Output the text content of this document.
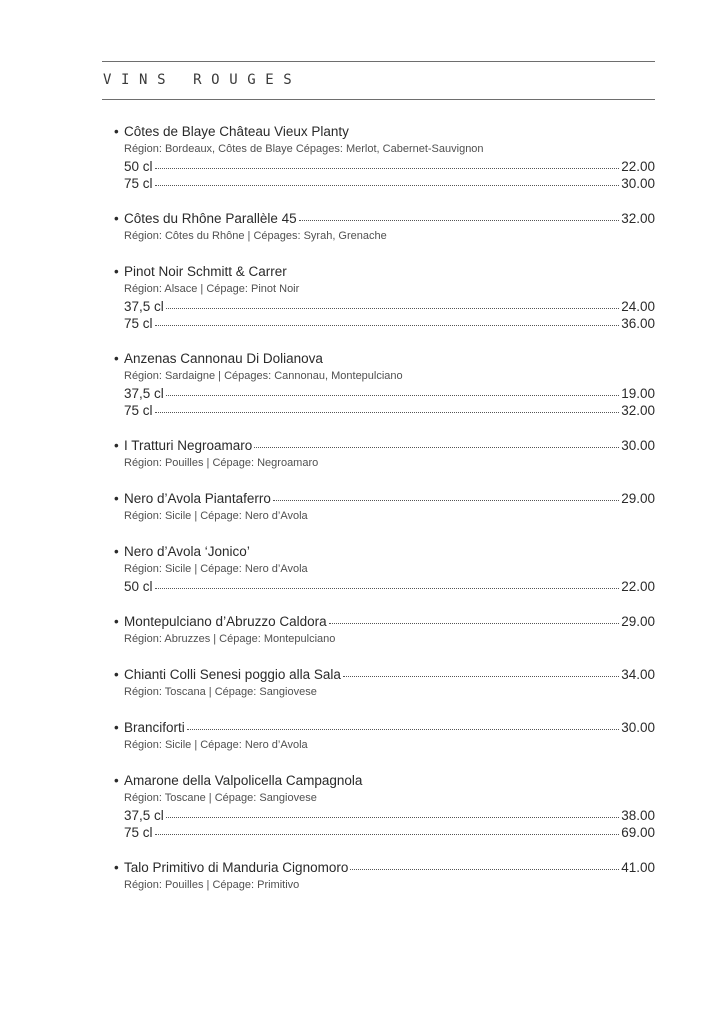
VINS ROUGES
• Côtes de Blaye Château Vieux Planty
Région: Bordeaux, Côtes de Blaye Cépages: Merlot, Cabernet-Sauvignon
50 cl	22.00
75 cl	30.00
• Côtes du Rhône Parallèle 45	32.00
Région: Côtes du Rhône | Cépages: Syrah, Grenache
• Pinot Noir Schmitt & Carrer
Région: Alsace | Cépage: Pinot Noir
37,5 cl	24.00
75 cl	36.00
• Anzenas Cannonau Di Dolianova
Région: Sardaigne | Cépages: Cannonau, Montepulciano
37,5 cl	19.00
75 cl	32.00
• I Tratturi Negroamaro	30.00
Région: Pouilles | Cépage: Negroamaro
• Nero d’Avola Piantaferro	29.00
Région: Sicile | Cépage: Nero d’Avola
• Nero d’Avola ‘Jonico’
Région: Sicile | Cépage: Nero d’Avola
50 cl	22.00
• Montepulciano d’Abruzzo Caldora	29.00
Région: Abruzzes | Cépage: Montepulciano
• Chianti Colli Senesi poggio alla Sala	34.00
Région: Toscana | Cépage: Sangiovese
• Branciforti	30.00
Région: Sicile | Cépage: Nero d’Avola
• Amarone della Valpolicella Campagnola
Région: Toscane | Cépage: Sangiovese
37,5 cl	38.00
75 cl	69.00
• Talo Primitivo di Manduria Cignomoro	41.00
Région: Pouilles | Cépage: Primitivo
